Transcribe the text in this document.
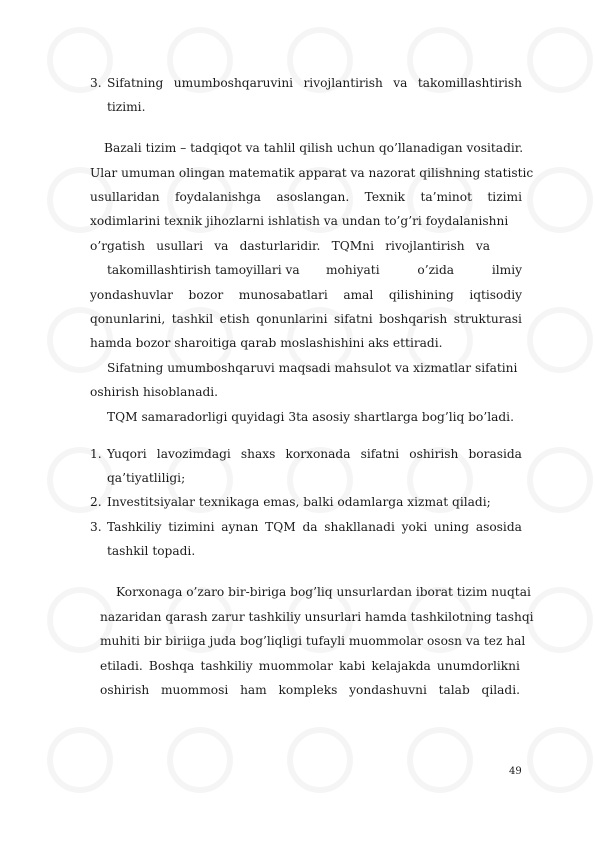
3. Sifatning umumboshqaruvini rivojlantirish va takomillashtirish
tizimi.
Bazali tizim – tadqiqot va tahlil qilish uchun qo’llanadigan vositadir.
Ular umuman olingan matematik apparat va nazorat qilishning statistic
usullaridan foydalanishga asoslangan. Texnik ta’minot tizimi
xodimlarini texnik jihozlarni ishlatish va undan to’g’ri foydalanishni
o’rgatish usullari va dasturlaridir. TQMni rivojlantirish va
takomillashtirish tamoyillari va mohiyati	o’zida	ilmiy
yondashuvlar bozor munosabatlari amal qilishining iqtisodiy
qonunlarini, tashkil etish qonunlarini sifatni boshqarish strukturasi
hamda bozor sharoitiga qarab moslashishini aks ettiradi.
Sifatning umumboshqaruvi maqsadi mahsulot va xizmatlar sifatini
oshirish hisoblanadi.
TQM samaradorligi quyidagi 3ta asosiy shartlarga bog’liq bo’ladi.
1. Yuqori lavozimdagi shaxs korxonada sifatni oshirish borasida
qa’tiyatliligi;
2. Investitsiyalar texnikaga emas, balki odamlarga xizmat qiladi;
3. Tashkiliy tizimini aynan TQM da shakllanadi yoki uning asosida
tashkil topadi.
Korxonaga o’zaro bir-biriga bog’liq unsurlardan iborat tizim nuqtai
nazaridan qarash zarur tashkiliy unsurlari hamda tashkilotning tashqi
muhiti bir biriiga juda bog’liqligi tufayli muommolar ososn va tez hal
etiladi. Boshqa tashkiliy muommolar kabi kelajakda unumdorlikni
oshirish muommosi ham kompleks yondashuvni talab qiladi.
49
